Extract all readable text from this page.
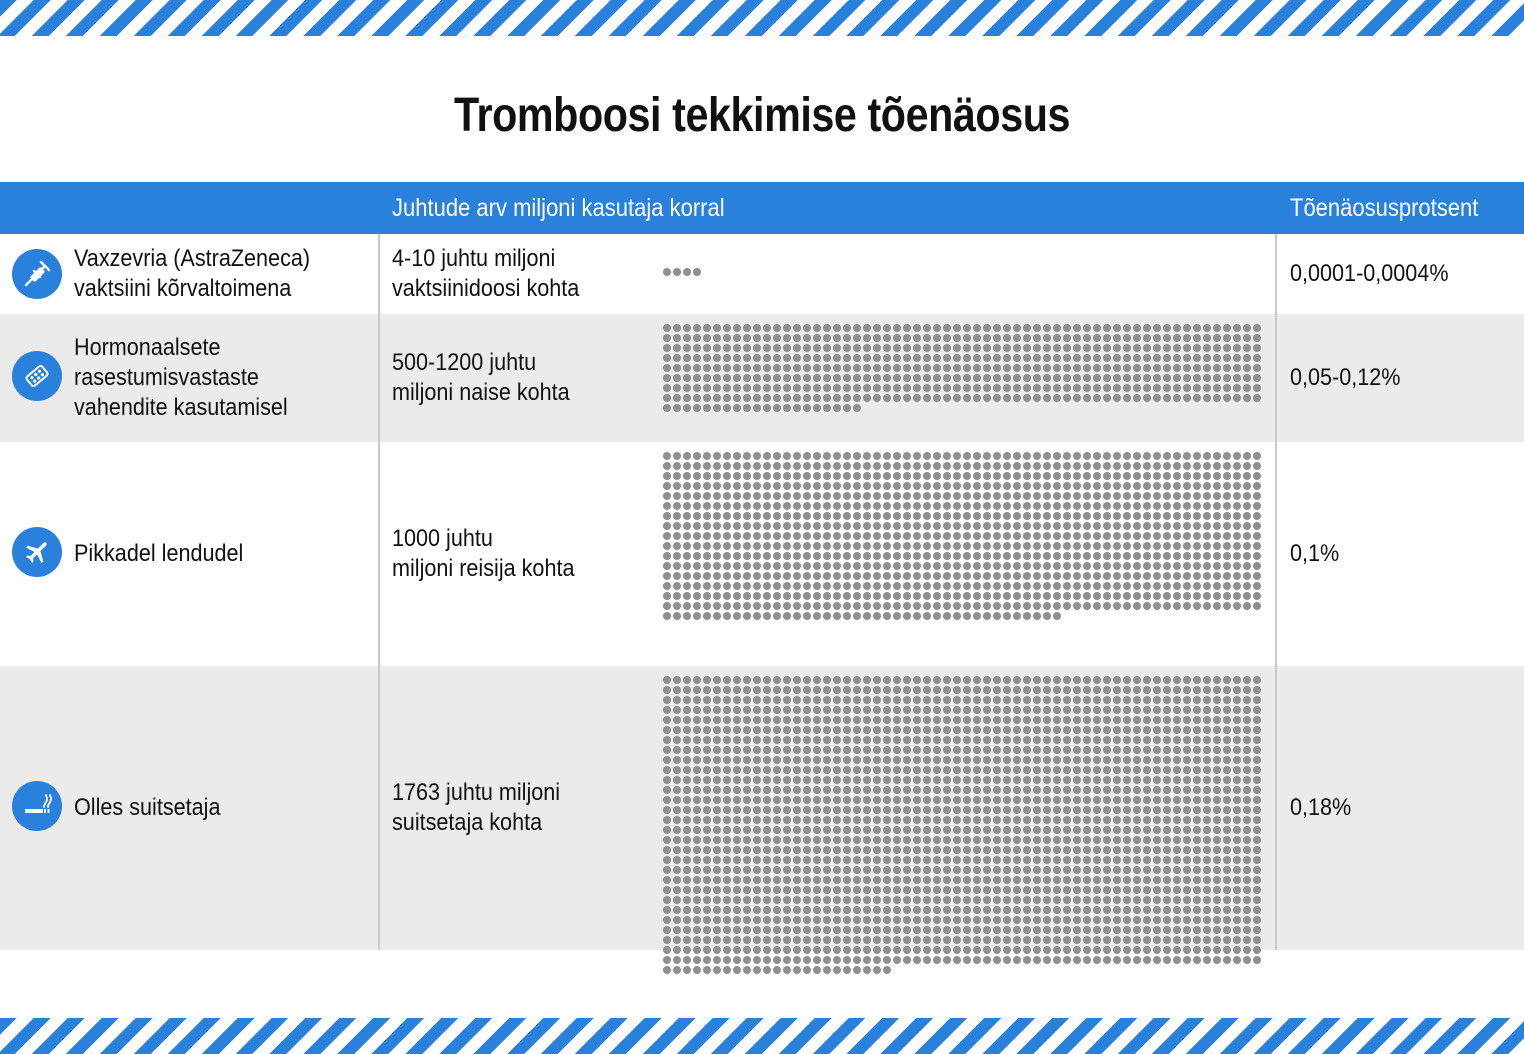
Tromboosi tekkimise tõenäosus
Juhtude arv miljoni kasutaja korral	Tõenäosusprotsent
Vaxzevria (AstraZeneca)
vaktsiini kõrvaltoimena
4-10 juhtu miljoni
vaktsiinidoosi kohta
0,0001-0,0004%
Hormonaalsete
rasestumisvastaste
vahendite kasutamisel
500-1200 juhtu
miljoni naise kohta
0,05-0,12%
Pikkadel lendudel
1000 juhtu
miljoni reisija kohta
0,1%
Olles suitsetaja
1763 juhtu miljoni
suitsetaja kohta
0,18%
